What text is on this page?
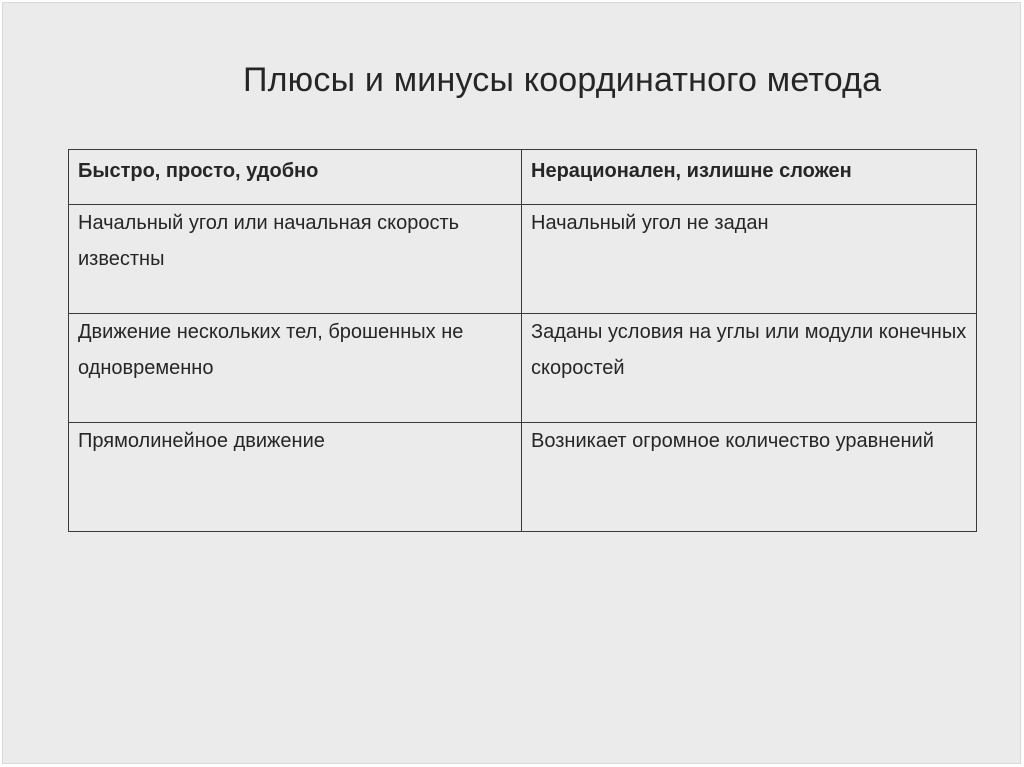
Плюсы и минусы координатного метода
Быстро, просто, удобно	Нерационален, излишне сложен
Начальный угол или начальная скорость известны	Начальный угол не задан
Движение нескольких тел, брошенных не одновременно	Заданы условия на углы или модули конечных скоростей
Прямолинейное движение	Возникает огромное количество уравнений
